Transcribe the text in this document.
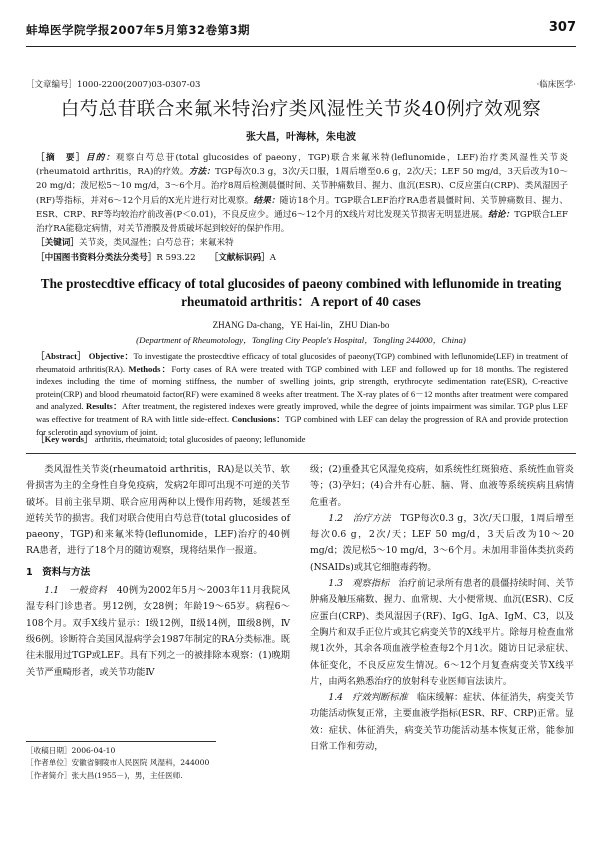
蚌埠医学院学报2007年5月第32卷第3期	307
［文章编号］1000-2200(2007)03-0307-03	·临床医学·
白芍总苷联合来氟米特治疗类风湿性关节炎40例疗效观察
张大昌，叶海林，朱电波
［摘　要］目的：观察白芍总苷(total glucosides of paeony，TGP)联合来氟米特(leflunomide，LEF)治疗类风湿性关节炎(rheumatoid arthritis，RA)的疗效。方法：TGP每次0.3 g，3次/天口服，1周后增至0.6 g，2次/天；LEF 50 mg/d，3天后改为10～20 mg/d；泼尼松5～10 mg/d，3～6个月。治疗8周后检测晨僵时间、关节肿痛数目、握力、血沉(ESR)、C反应蛋白(CRP)、类风湿因子(RF)等指标，并对6～12个月后的X光片进行对比观察。结果：随访18个月。TGP联合LEF治疗RA患者晨僵时间、关节肿痛数目、握力、ESR、CRP、RF等均较治疗前改善(P＜0.01)，不良反应少。通过6～12个月的X线片对比发现关节损害无明显进展。结论：TGP联合LEF治疗RA能稳定病情，对关节滑膜及骨质破坏起到较好的保护作用。
［关键词］关节炎，类风湿性；白芍总苷；来氟米特
［中国图书资料分类法分类号］R 593.22 ［文献标识码］A
The prostecdtive efficacy of total glucosides of paeony combined with leflunomide in treating rheumatoid arthritis：A report of 40 cases
ZHANG Da-chang，YE Hai-lin，ZHU Dian-bo
(Department of Rheumotology，Tongling City People's Hospital，Tongling 244000，China)
［Abstract］ Objective：To investigate the prostecdtive efficacy of total glucosides of paeony(TGP) combined with leflunomide(LEF) in treatment of rheumatoid arthritis(RA). Methods：Forty cases of RA were treated with TGP combined with LEF and followed up for 18 months. The registered indexes including the time of morning stiffness, the number of swelling joints, grip strength, erythrocyte sedimentation rate(ESR), C-reactive protein(CRP) and blood rheumatoid factor(RF) were examined 8 weeks after treatment. The X-ray plates of 6－12 months after treatment were compared and analyzed. Results：After treatment, the registered indexes were greatly improved, while the degree of joints impairment was similar. TGP plus LEF was effective for treatment of RA with little side-effect. Conclusions：TGP combined with LEF can delay the progression of RA and provide protection for sclerotin and synovium of joint.
［Key words］ arthritis, rheumatoid; total glucosides of paeony; leflunomide

类风湿性关节炎(rheumatoid arthritis，RA)是以关节、软骨损害为主的全身性自身免疫病，发病2年即可出现不可逆的关节破坏。目前主张早期、联合应用两种以上慢作用药物，延缓甚至逆转关节的损害。我们对联合使用白芍总苷(total glucosides of paeony，TGP)和来氟米特(leflunomide，LEF)治疗的40例RA患者，进行了18个月的随访观察，现将结果作一报道。

1　资料与方法

1.1　一般资料　 40例为2002年5月～2003年11月我院风湿专科门诊患者。男12例，女28例；年龄19～65岁。病程6～108个月。双手X线片显示：Ⅰ级12例，Ⅱ级14例，Ⅲ级8例，Ⅳ级6例。诊断符合美国风湿病学会1987年制定的RA分类标准。既往未服用过TGP或LEF。具有下列之一的被排除本观察：(1)晚期关节严重畸形者，或关节功能Ⅳ

级；(2)重叠其它风湿免疫病，如系统性红斑狼疮、系统性血管炎等；(3)孕妇；(4)合并有心脏、脑、肾、血液等系统疾病且病情危重者。

1.2　治疗方法　 TGP每次0.3 g，3次/天口服，1周后增至每次0.6 g，2次/天；LEF 50 mg/d，3天后改为10～20 mg/d；泼尼松5～10 mg/d，3～6个月。未加用非甾体类抗炎药(NSAIDs)或其它细胞毒药物。

1.3　观察指标　 治疗前记录所有患者的晨僵持续时间、关节肿痛及触压痛数、握力、血常规、大小便常规、血沉(ESR)、C反应蛋白(CRP)、类风湿因子(RF)、IgG、IgA、IgM、C3，以及全胸片和双手正位片或其它病变关节的X线平片。除每月检查血常规1次外，其余各项血液学检查每2个月1次。随访日记录症状、体征变化，不良反应发生情况。6～12个月复查病变关节X线平片，由两名熟悉治疗的放射科专业医师盲法读片。

1.4　疗效判断标准　 临床缓解：症状、体征消失，病变关节功能活动恢复正常，主要血液学指标(ESR、RF、CRP)正常。显效：症状、体征消失，病变关节功能活动基本恢复正常，能参加日常工作和劳动，

［收稿日期］2006-04-10
［作者单位］安徽省铜陵市人民医院 风湿科，244000
［作者简介］张大昌(1955－)，男，主任医师.
